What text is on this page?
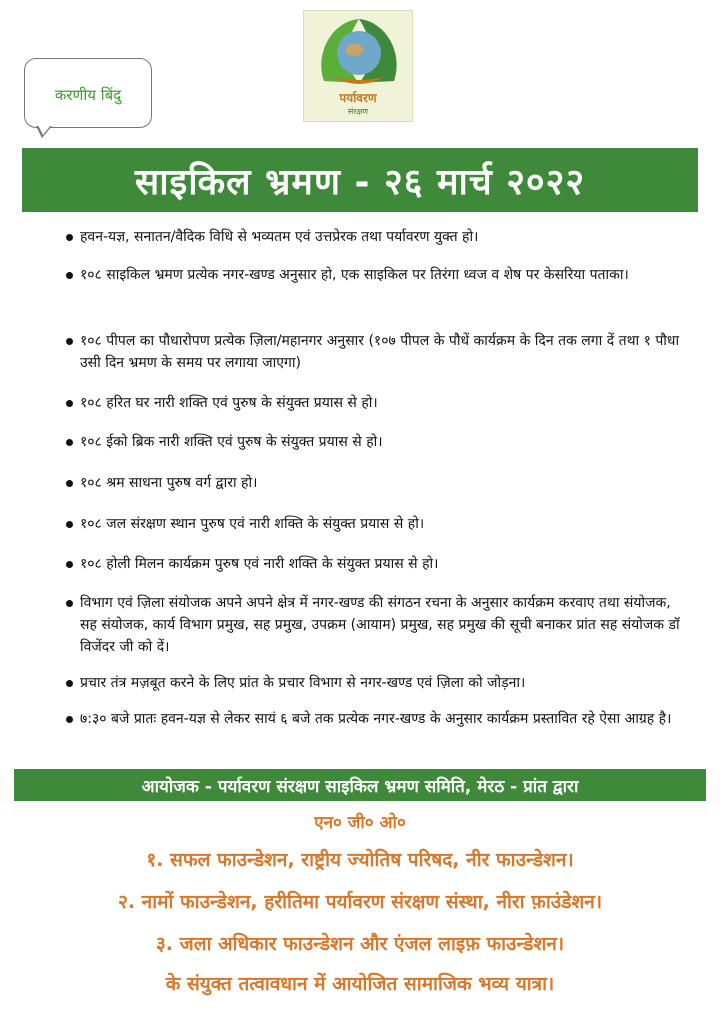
करणीय बिंदु	पर्यावरण
संरक्षण
साइकिल भ्रमण - २६ मार्च २०२२
हवन-यज्ञ, सनातन/वैदिक विधि से भव्यतम एवं उत्तप्रेरक तथा पर्यावरण युक्त हो।
१०८ साइकिल भ्रमण प्रत्येक नगर-खण्ड अनुसार हो, एक साइकिल पर तिरंगा ध्वज व शेष पर केसरिया पताका।
१०८ पीपल का पौधारोपण प्रत्येक ज़िला/महानगर अनुसार (१०७ पीपल के पौधें कार्यक्रम के दिन तक लगा दें तथा १ पौधा उसी दिन भ्रमण के समय पर लगाया जाएगा)
१०८ हरित घर नारी शक्ति एवं पुरुष के संयुक्त प्रयास से हो।
१०८ ईको ब्रिक नारी शक्ति एवं पुरुष के संयुक्त प्रयास से हो।
१०८ श्रम साधना पुरुष वर्ग द्वारा हो।
१०८ जल संरक्षण स्थान पुरुष एवं नारी शक्ति के संयुक्त प्रयास से हो।
१०८ होली मिलन कार्यक्रम पुरुष एवं नारी शक्ति के संयुक्त प्रयास से हो।
विभाग एवं ज़िला संयोजक अपने अपने क्षेत्र में नगर-खण्ड की संगठन रचना के अनुसार कार्यक्रम करवाए तथा संयोजक, सह संयोजक, कार्य विभाग प्रमुख, सह प्रमुख, उपक्रम (आयाम) प्रमुख, सह प्रमुख की सूची बनाकर प्रांत सह संयोजक डॉ विजेंदर जी को दें।
प्रचार तंत्र मज़बूत करने के लिए प्रांत के प्रचार विभाग से नगर-खण्ड एवं ज़िला को जोड़ना।
७:३० बजे प्रातः हवन-यज्ञ से लेकर सायं ६ बजे तक प्रत्येक नगर-खण्ड के अनुसार कार्यक्रम प्रस्तावित रहे ऐसा आग्रह है।
आयोजक - पर्यावरण संरक्षण साइकिल भ्रमण समिति, मेरठ - प्रांत द्वारा
एन० जी० ओ०
१. सफल फाउन्डेशन, राष्ट्रीय ज्योतिष परिषद, नीर फाउन्डेशन।
२. नामों फाउन्डेशन, हरीतिमा पर्यावरण संरक्षण संस्था, नीरा फ़ाउंडेशन।
३. जला अधिकार फाउन्डेशन और एंजल लाइफ़ फाउन्डेशन।
के संयुक्त तत्वावधान में आयोजित सामाजिक भव्य यात्रा।
